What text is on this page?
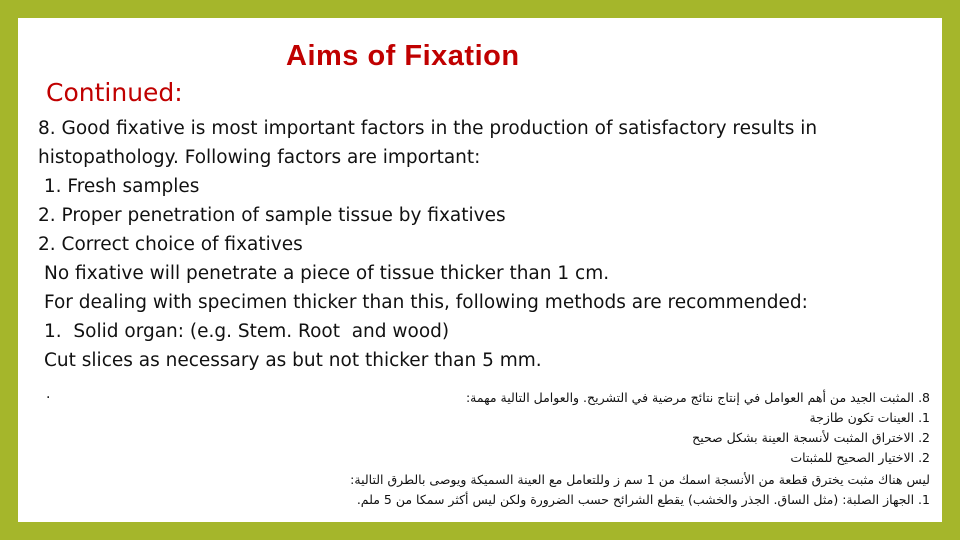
Aims of Fixation
Continued:
8. Good fixative is most important factors in the production of satisfactory results in
histopathology. Following factors are important:
1. Fresh samples
2. Proper penetration of sample tissue by fixatives
2. Correct choice of fixatives
No fixative will penetrate a piece of tissue thicker than 1 cm.
For dealing with specimen thicker than this, following methods are recommended:
1.  Solid organ: (e.g. Stem. Root  and wood)
Cut slices as necessary as but not thicker than 5 mm.
.	8. المثبت الجيد من أهم العوامل في إنتاج نتائج مرضية في التشريح. والعوامل التالية مهمة:
1. العينات تكون طازجة
2. الاختراق المثبت لأنسجة العينة بشكل صحيح
2. الاختيار الصحيح للمثبتات
ليس هناك مثبت يخترق قطعة من الأنسجة اسمك من 1 سم ز وللتعامل مع العينة السميكة ويوصى بالطرق التالية:
1. الجهاز الصلبة: (مثل الساق. الجذر والخشب) يقطع الشرائح حسب الضرورة ولكن ليس أكثر سمكا من 5 ملم.
